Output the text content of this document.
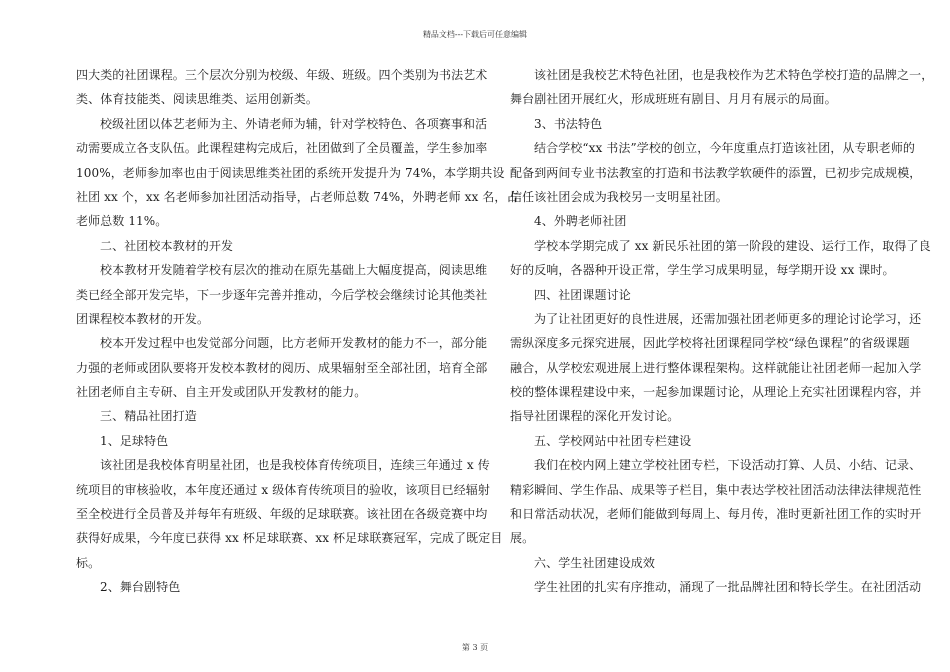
精品文档---下载后可任意编辑
四大类的社团课程。三个层次分别为校级、年级、班级。四个类别为书法艺术
类、体育技能类、阅读思维类、运用创新类。
校级社团以体艺老师为主、外请老师为辅，针对学校特色、各项赛事和活
动需要成立各支队伍。此课程建构完成后，社团做到了全员覆盖，学生参加率
100%，老师参加率也由于阅读思维类社团的系统开发提升为 74%，本学期共设
社团 xx 个，xx 名老师参加社团活动指导，占老师总数 74%，外聘老师 xx 名，占
老师总数 11%。
二、社团校本教材的开发
校本教材开发随着学校有层次的推动在原先基础上大幅度提高，阅读思维
类已经全部开发完毕，下一步逐年完善并推动，今后学校会继续讨论其他类社
团课程校本教材的开发。
校本开发过程中也发觉部分问题，比方老师开发教材的能力不一，部分能
力强的老师或团队要将开发校本教材的阅历、成果辐射至全部社团，培育全部
社团老师自主专研、自主开发或团队开发教材的能力。
三、精品社团打造
1、足球特色
该社团是我校体育明星社团，也是我校体育传统项目，连续三年通过 x 传
统项目的审核验收，本年度还通过 x 级体育传统项目的验收，该项目已经辐射
至全校进行全员普及并每年有班级、年级的足球联赛。该社团在各级竞赛中均
获得好成果，今年度已获得 xx 杯足球联赛、xx 杯足球联赛冠军，完成了既定目
标。
2、舞台剧特色
该社团是我校艺术特色社团，也是我校作为艺术特色学校打造的品牌之一，
舞台剧社团开展红火，形成班班有剧目、月月有展示的局面。
3、书法特色
结合学校“xx 书法”学校的创立，今年度重点打造该社团，从专职老师的
配备到两间专业书法教室的打造和书法教学软硬件的添置，已初步完成规模，
信任该社团会成为我校另一支明星社团。
4、外聘老师社团
学校本学期完成了 xx 新民乐社团的第一阶段的建设、运行工作，取得了良
好的反响，各器种开设正常，学生学习成果明显，每学期开设 xx 课时。
四、社团课题讨论
为了让社团更好的良性进展，还需加强社团老师更多的理论讨论学习，还
需纵深度多元探究进展，因此学校将社团课程同学校“绿色课程”的省级课题
融合，从学校宏观进展上进行整体课程架构。这样就能让社团老师一起加入学
校的整体课程建设中来，一起参加课题讨论，从理论上充实社团课程内容，并
指导社团课程的深化开发讨论。
五、学校网站中社团专栏建设
我们在校内网上建立学校社团专栏，下设活动打算、人员、小结、记录、
精彩瞬间、学生作品、成果等子栏目，集中表达学校社团活动法律法律规范性
和日常活动状况，老师们能做到每周上、每月传，准时更新社团工作的实时开
展。
六、学生社团建设成效
学生社团的扎实有序推动，涌现了一批品牌社团和特长学生。在社团活动
第 3 页
